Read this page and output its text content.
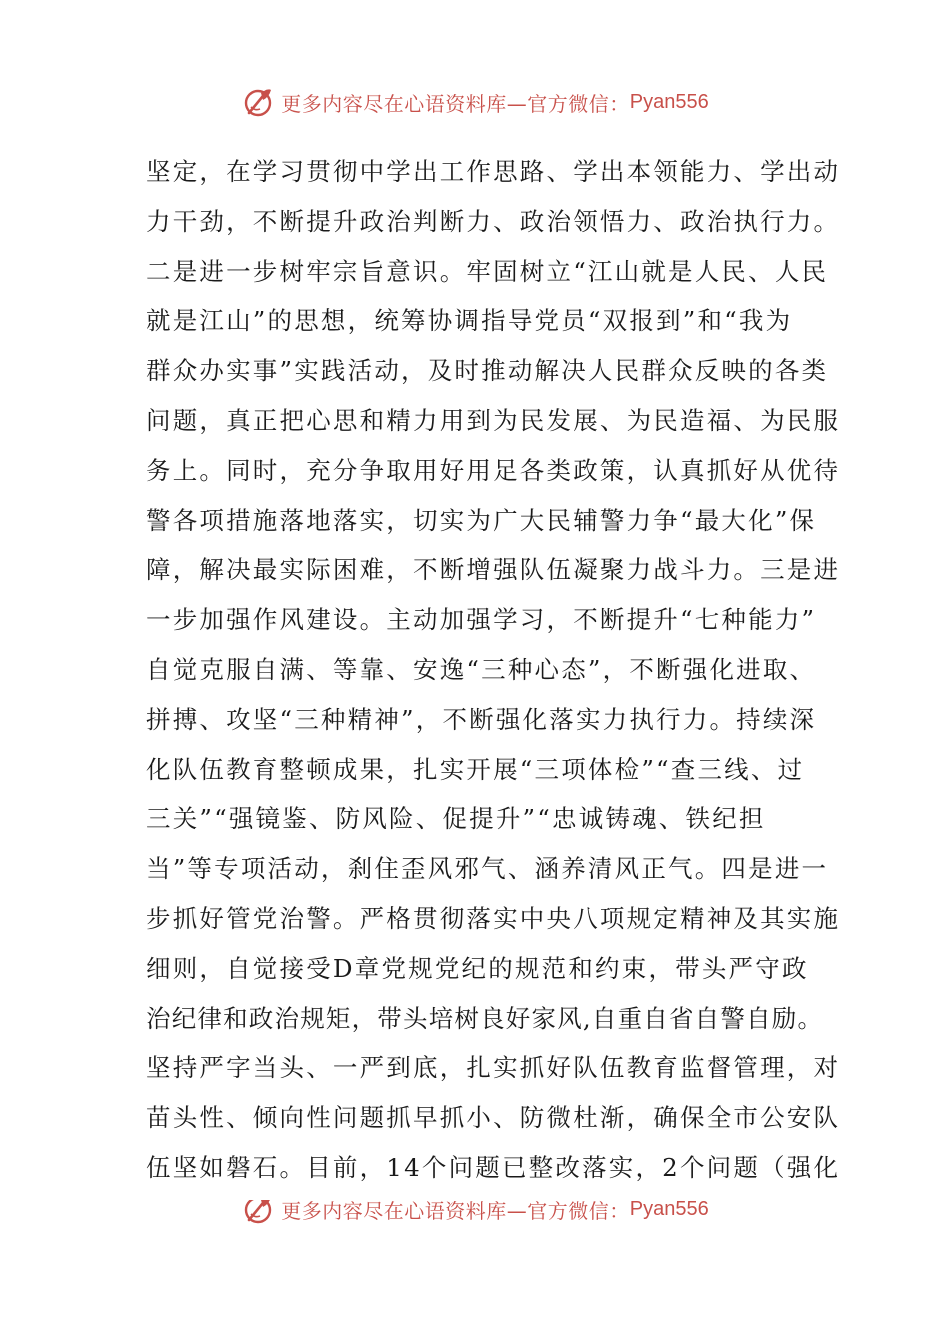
更多内容尽在心语资料库—官方微信： Pyan556
坚定，在学习贯彻中学出工作思路、学出本领能力、学出动
力干劲，不断提升政治判断力、政治领悟力、政治执行力。
二是进一步树牢宗旨意识。牢固树立“江山就是人民、人民
就是江山”的思想，统筹协调指导党员“双报到”和“我为
群众办实事”实践活动，及时推动解决人民群众反映的各类
问题，真正把心思和精力用到为民发展、为民造福、为民服
务上。同时，充分争取用好用足各类政策，认真抓好从优待
警各项措施落地落实，切实为广大民辅警力争“最大化”保
障，解决最实际困难，不断增强队伍凝聚力战斗力。三是进
一步加强作风建设。主动加强学习，不断提升“七种能力”
自觉克服自满、等靠、安逸“三种心态”，不断强化进取、
拼搏、攻坚“三种精神”，不断强化落实力执行力。持续深
化队伍教育整顿成果，扎实开展“三项体检”“查三线、过
三关”“强镜鉴、防风险、促提升”“忠诚铸魂、铁纪担
当”等专项活动，刹住歪风邪气、涵养清风正气。四是进一
步抓好管党治警。严格贯彻落实中央八项规定精神及其实施
细则，自觉接受D章党规党纪的规范和约束，带头严守政
治纪律和政治规矩，带头培树良好家风,自重自省自警自励。
坚持严字当头、一严到底，扎实抓好队伍教育监督管理，对
苗头性、倾向性问题抓早抓小、防微杜渐，确保全市公安队
伍坚如磐石。目前，14个问题已整改落实，2个问题（强化
更多内容尽在心语资料库—官方微信： Pyan556
